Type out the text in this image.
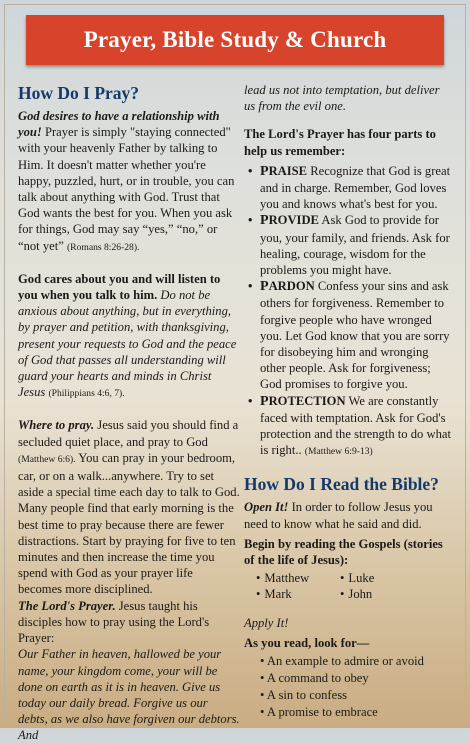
Prayer, Bible Study & Church
How Do I Pray?

God desires to have a relationship with you! Prayer is simply "staying connected" with your heavenly Father by talking to Him. It doesn't matter whether you're happy, puzzled, hurt, or in trouble, you can talk about anything with God. Trust that God wants the best for you. When you ask for things, God may say “yes,” “no,” or “not yet” (Romans 8:26-28).

God cares about you and will listen to you when you talk to him. Do not be anxious about anything, but in everything, by prayer and petition, with thanksgiving, present your requests to God and the peace of God that passes all understanding will guard your hearts and minds in Christ Jesus (Philippians 4:6, 7).

Where to pray. Jesus said you should find a secluded quiet place, and pray to God (Matthew 6:6). You can pray in your bedroom, car, or on a walk...anywhere. Try to set aside a special time each day to talk to God. Many people find that early morning is the best time to pray because there are fewer distractions. Start by praying for five to ten minutes and then increase the time you spend with God as your prayer life becomes more disciplined.

The Lord's Prayer. Jesus taught his disciples how to pray using the Lord's Prayer:

Our Father in heaven, hallowed be your name, your kingdom come, your will be done on earth as it is in heaven. Give us today our daily bread. Forgive us our debts, as we also have forgiven our debtors. And

lead us not into temptation, but deliver us from the evil one.

The Lord's Prayer has four parts to help us remember:

• PRAISE Recognize that God is great and in charge. Remember, God loves you and knows what's best for you.
• PROVIDE Ask God to provide for you, your family, and friends. Ask for healing, courage, wisdom for the problems you might have.
• PARDON Confess your sins and ask others for forgiveness. Remember to forgive people who have wronged you. Let God know that you are sorry for disobeying him and wronging other people. Ask for forgiveness; God promises to forgive you.
• PROTECTION We are constantly faced with temptation. Ask for God's protection and the strength to do what is right.. (Matthew 6:9-13)
How Do I Read the Bible?

Open It! In order to follow Jesus you need to know what he said and did.

Begin by reading the Gospels (stories of the life of Jesus):

• Matthew
• Mark
• Luke
• John

Apply It!

As you read, look for—

• An example to admire or avoid
• A command to obey
• A sin to confess
• A promise to embrace
